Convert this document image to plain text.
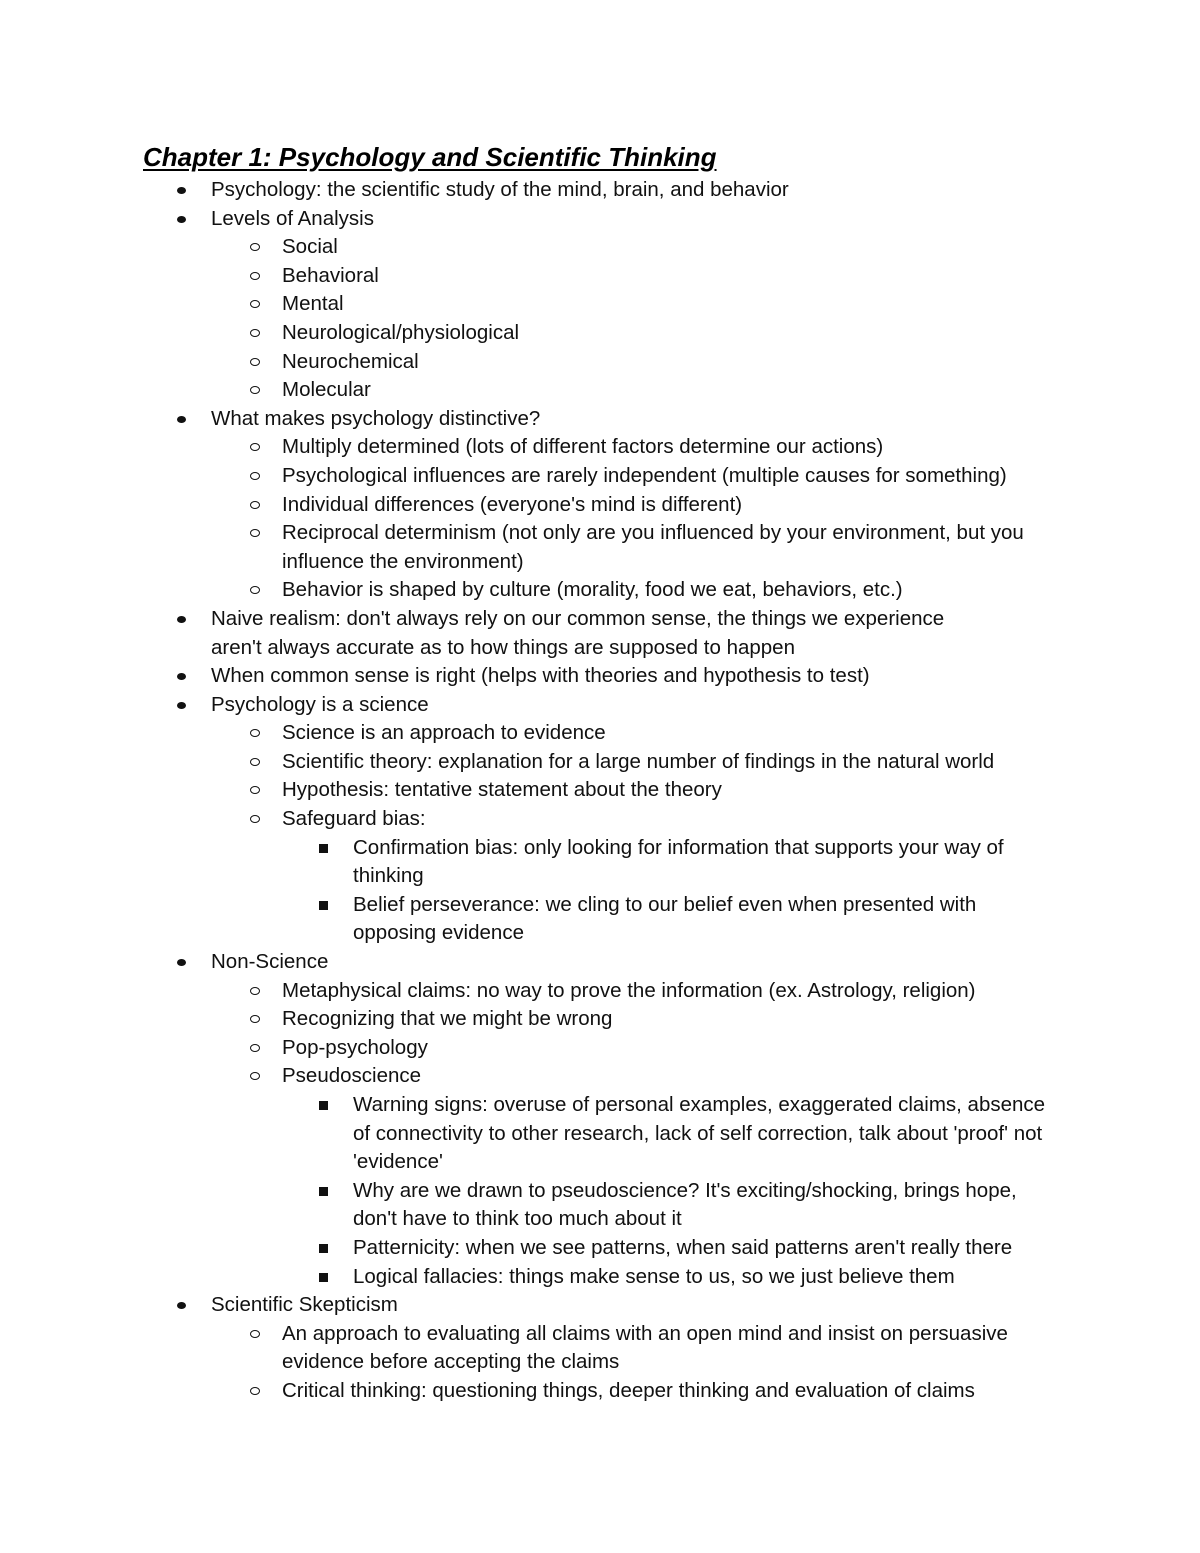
Chapter 1: Psychology and Scientific Thinking
Psychology: the scientific study of the mind, brain, and behavior
Levels of Analysis
Social
Behavioral
Mental
Neurological/physiological
Neurochemical
Molecular
What makes psychology distinctive?
Multiply determined (lots of different factors determine our actions)
Psychological influences are rarely independent (multiple causes for something)
Individual differences (everyone's mind is different)
Reciprocal determinism (not only are you influenced by your environment, but you influence the environment)
Behavior is shaped by culture (morality, food we eat, behaviors, etc.)
Naive realism: don't always rely on our common sense, the things we experience aren't always accurate as to how things are supposed to happen
When common sense is right (helps with theories and hypothesis to test)
Psychology is a science
Science is an approach to evidence
Scientific theory: explanation for a large number of findings in the natural world
Hypothesis: tentative statement about the theory
Safeguard bias:
Confirmation bias: only looking for information that supports your way of thinking
Belief perseverance: we cling to our belief even when presented with opposing evidence
Non-Science
Metaphysical claims: no way to prove the information (ex. Astrology, religion)
Recognizing that we might be wrong
Pop-psychology
Pseudoscience
Warning signs: overuse of personal examples, exaggerated claims, absence of connectivity to other research, lack of self correction, talk about 'proof' not 'evidence'
Why are we drawn to pseudoscience? It's exciting/shocking, brings hope, don't have to think too much about it
Patternicity: when we see patterns, when said patterns aren't really there
Logical fallacies: things make sense to us, so we just believe them
Scientific Skepticism
An approach to evaluating all claims with an open mind and insist on persuasive evidence before accepting the claims
Critical thinking: questioning things, deeper thinking and evaluation of claims
